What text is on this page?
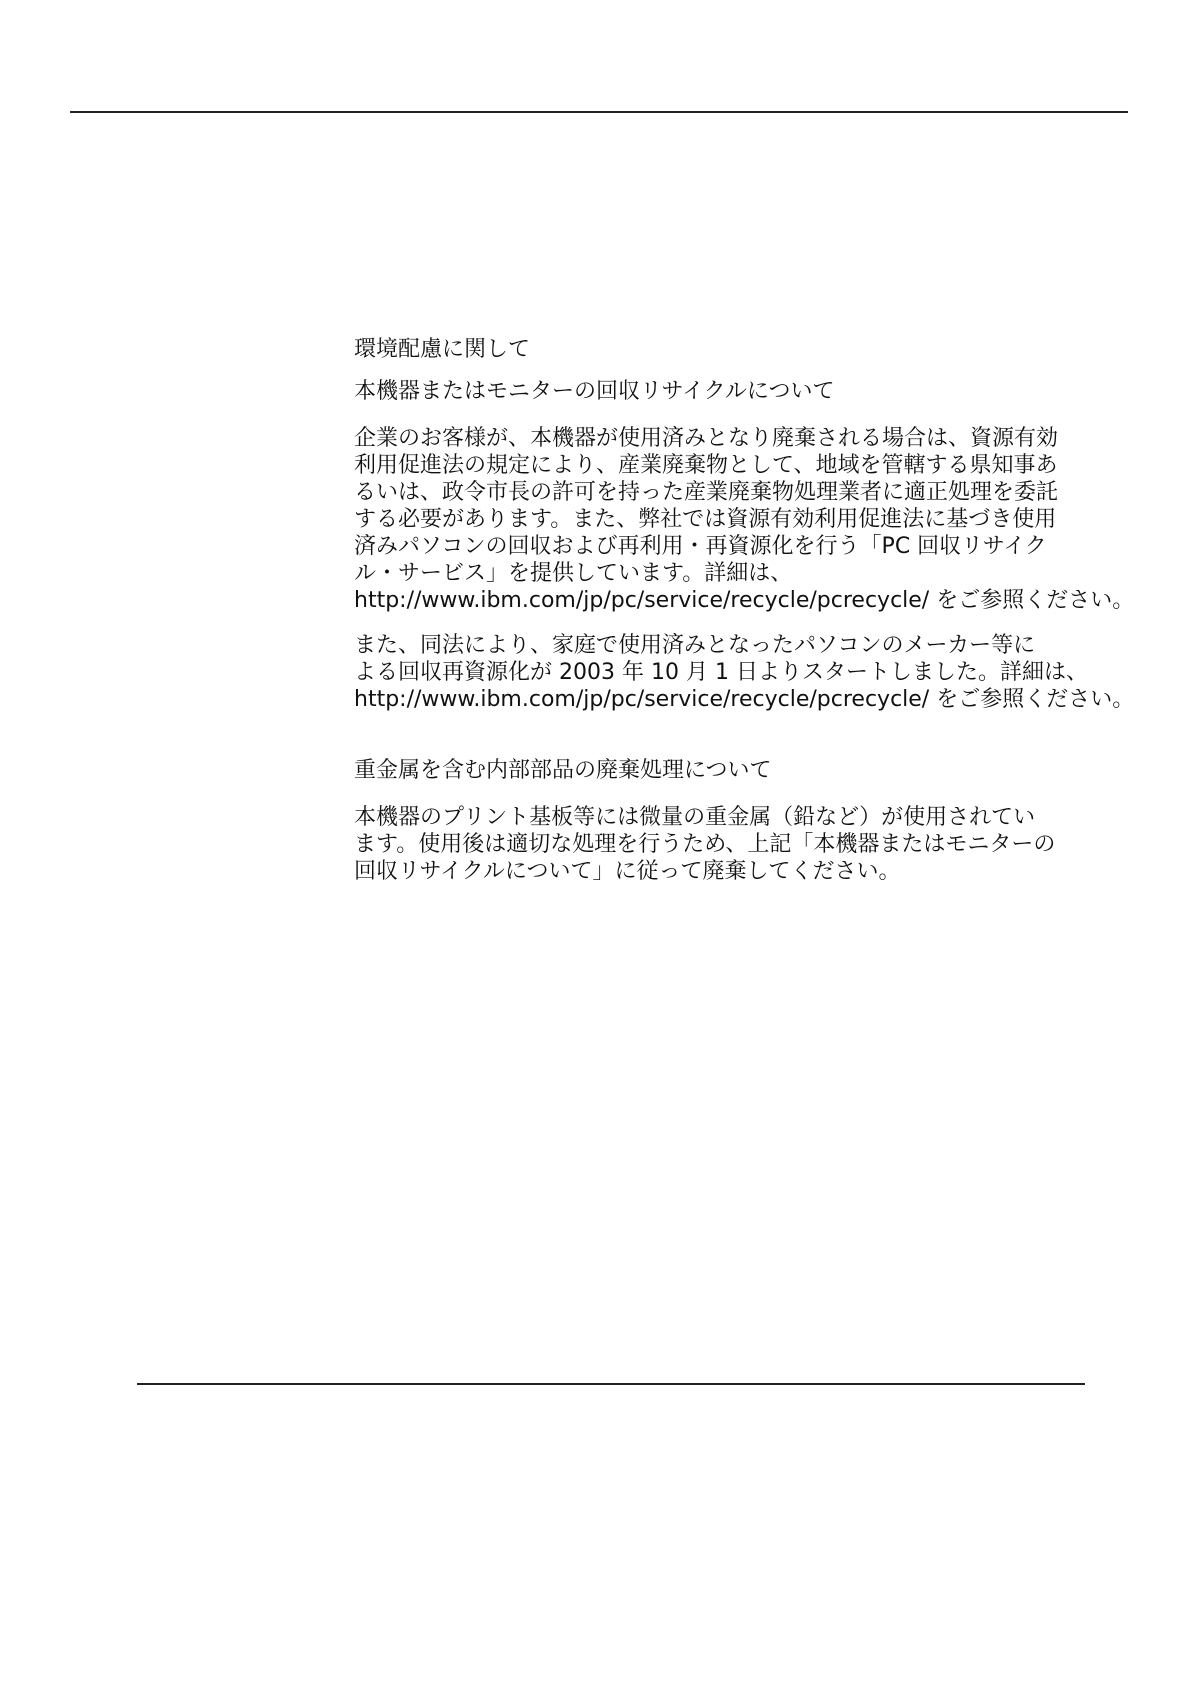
環境配慮に関して
本機器またはモニターの回収リサイクルについて
企業のお客様が、本機器が使用済みとなり廃棄される場合は、資源有効
利用促進法の規定により、産業廃棄物として、地域を管轄する県知事あ
るいは、政令市長の許可を持った産業廃棄物処理業者に適正処理を委託
する必要があります。また、弊社では資源有効利用促進法に基づき使用
済みパソコンの回収および再利用・再資源化を行う「PC 回収リサイク
ル・サービス」を提供しています。詳細は、
http://www.ibm.com/jp/pc/service/recycle/pcrecycle/ をご参照ください。
また、同法により、家庭で使用済みとなったパソコンのメーカー等に
よる回収再資源化が 2003 年 10 月 1 日よりスタートしました。詳細は、
http://www.ibm.com/jp/pc/service/recycle/pcrecycle/ をご参照ください。
重金属を含む内部部品の廃棄処理について
本機器のプリント基板等には微量の重金属（鉛など）が使用されてい
ます。使用後は適切な処理を行うため、上記「本機器またはモニターの
回収リサイクルについて」に従って廃棄してください。
